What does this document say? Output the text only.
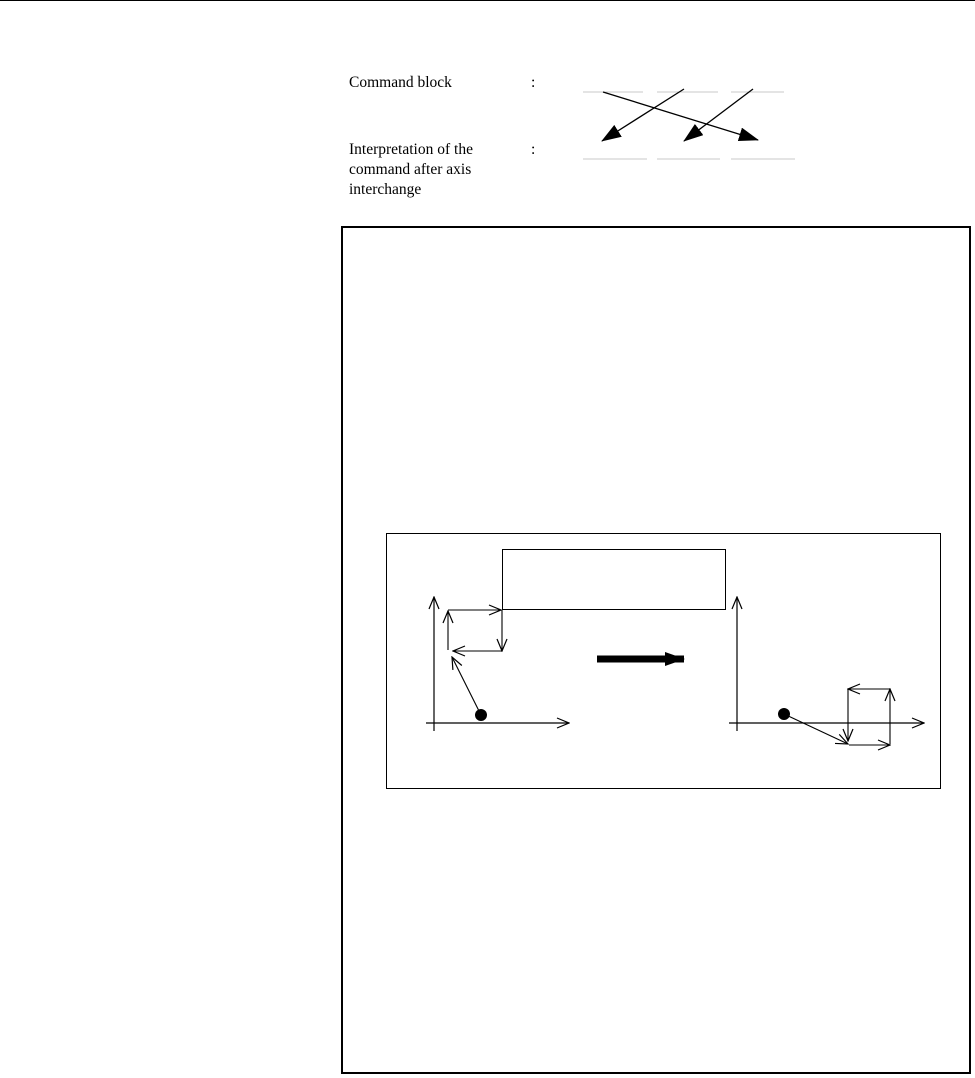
Command block	:
Interpretation of the
command after axis
interchange
:
